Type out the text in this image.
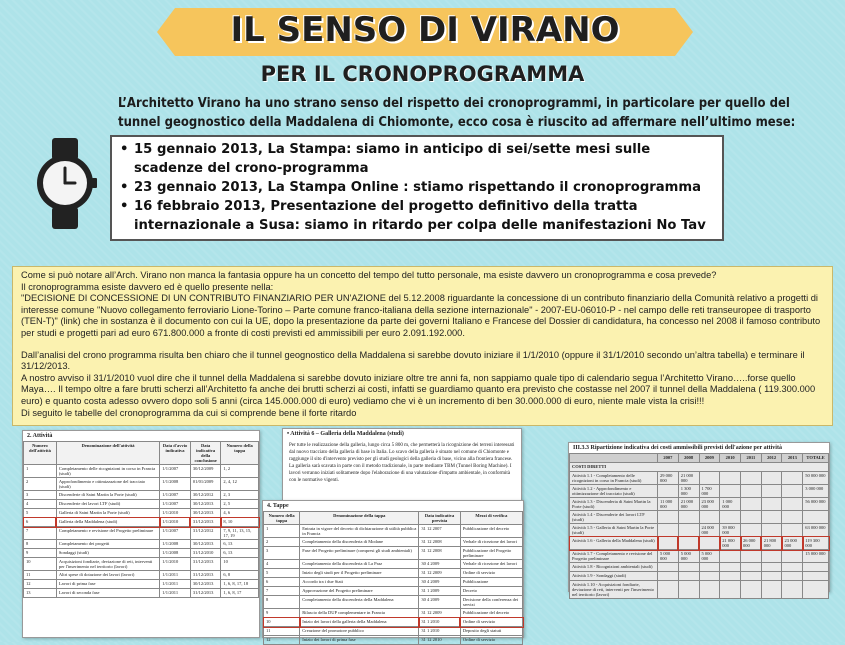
IL SENSO DI VIRANO
PER IL CRONOPROGRAMMA
L’Architetto Virano ha uno strano senso del rispetto dei cronoprogrammi, in particolare per quello del tunnel geognostico della Maddalena di Chiomonte, ecco cosa è riuscito ad affermare nell’ultimo mese:
• 15 gennaio 2013, La Stampa: siamo in anticipo di sei/sette mesi sulle scadenze del crono-programma
• 23 gennaio 2013, La Stampa Online : stiamo rispettando il cronoprogramma
• 16 febbraio 2013, Presentazione del progetto definitivo della tratta internazionale a Susa: siamo in ritardo per colpa delle manifestazioni No Tav

Come si può notare all’Arch. Virano non manca la fantasia oppure ha un concetto del tempo del tutto personale, ma esiste davvero un cronoprogramma e cosa prevede?

Il cronoprogramma esiste davvero ed è quello presente nella:

"DECISIONE DI CONCESSIONE DI UN CONTRIBUTO FINANZIARIO PER UN'AZIONE del 5.12.2008 riguardante la concessione di un contributo finanziario della Comunità relativo a progetti di interesse comune "Nuovo collegamento ferroviario Lione-Torino – Parte comune franco-italiana della sezione internazionale" - 2007-EU-06010-P - nel campo delle reti transeuropee di trasporto (TEN-T)" (link) che in sostanza è il documento con cui la UE, dopo la presentazione da parte dei governi Italiano e Francese del Dossier di candidatura, ha concesso nel 2008 il famoso contributo per studi e progetti pari ad euro 671.800.000 a fronte di costi previsti ed ammissibili per euro 2.091.192.000.

Dall’analisi del crono programma risulta ben chiaro che il tunnel geognostico della Maddalena si sarebbe dovuto iniziare il 1/1/2010 (oppure il 31/1/2010 secondo un’altra tabella) e terminare il 31/12/2013.

A nostro avviso il 31/1/2010 vuol dire che il tunnel della Maddalena si sarebbe dovuto iniziare oltre tre anni fa, non sappiamo quale tipo di calendario segua l’Architetto Virano…..forse quello Maya…. Il tempo oltre a fare brutti scherzi all’Architetto fa anche dei brutti scherzi ai costi, infatti se guardiamo quanto era previsto che costasse nel 2007 il tunnel della Maddalena ( 119.300.000 euro) e quanto costa adesso ovvero dopo soli 5 anni (circa 145.000.000 di euro) vediamo che vi è un incremento di ben 30.000.000 di euro, niente male vista la crisi!!!

Di seguito le tabelle del cronoprogramma da cui si comprende bene il forte ritardo

2. Attività
Numero dell'attività	Denominazione dell'attività	Data d'avvio indicativa	Data indicativa della conclusione	Numero della tappa
1	Completamento delle ricognizioni in corso in Francia (studi)	1/1/2007	30/12/2009	1, 2
2	Approfondimento e ottimizzazione del tracciato (studi)	1/1/2008	01/01/2009	2, 4, 12
3	Discenderie di Saint Martin la Porte (studi)	1/1/2007	30/12/2012	2, 3
4	Discenderie dei lavori LTF (studi)	1/1/2007	30/12/2013	2, 5
5	Galleria di Saint Martin la Porte (studi)	1/1/2010	30/12/2013	4, 6
6	Galleria della Maddalena (studi)	1/1/2010	31/12/2013	8, 10
7	Completamento e revisione del Progetto preliminare	1/1/2007	31/12/2012	7, 9, 11, 13, 15, 17, 19
8	Completamento dei progetti	1/1/2008	30/12/2013	6, 13
9	Sondaggi (studi)	1/1/2008	31/12/2010	6, 13
10	Acquisizioni fondiarie, deviazione di reti, interventi per l'inserimento nel territorio (lavori)	1/1/2010	31/12/2013	10
11	Altri spese di dotazione dei lavori (lavori)	1/1/2011	31/12/2013	6, 8
12	Lavori di prima fase	1/1/2011	30/12/2013	1, 6, 8, 17, 18
13	Lavori di seconda fase	1/1/2011	31/12/2013	1, 6, 8, 17
• Attività 6 – Galleria della Maddalena (studi)
Per tutte le realizzazione della galleria, lungo circa 5 800 m, che permetterà la ricognizione dei terreni interessati dal nuovo tracciato della galleria di base in Italia. Lo scavo della galleria è situato nel comune di Chiomonte e raggiunge il sito d'intervento previsto per gli studi geologici della galleria di base, vicino alla frontiera francese. La galleria sarà scavata in parte con il metodo tradizionale, in parte mediante TBM (Tunnel Boring Machine). I lavori verranno iniziati solitamente dopo l'elaborazione di una valutazione d'impatto ambientale, in conformità con le normative vigenti.
4. Tappe
Numero della tappa	Denominazione della tappa	Data indicativa prevista	Mezzi di verifica
1	Entrata in vigore del decreto di dichiarazione di utilità pubblica in Francia	31 12 2007	Pubblicazione del decreto
2	Completamento della discenderia di Modane	31 12 2008	Verbale di ricezione dei lavori
3	Fase del Progetto preliminare (compresi gli studi ambientali)	31 12 2008	Pubblicazione del Progetto preliminare
4	Completamento della discenderia di La Praz	30 4 2009	Verbale di ricezione dei lavori
5	Inizio degli studi per il Progetto preliminare	31 12 2009	Ordine di servizio
6	Accordo tra i due Stati	30 4 2009	Pubblicazione
7	Approvazione del Progetto preliminare	31 1 2009	Decreto
8	Completamento della discenderia della Maddalena	30 4 2009	Decisione della conferenza dei servizi
9	Rilascio della DUP complementare in Francia	31 12 2009	Pubblicazione del decreto
10	Inizio dei lavori della galleria della Maddalena	31 1 2010	Ordine di servizio
11	Creazione del promotore pubblico	31 1 2010	Deposito degli statuti
12	Inizio dei lavori di prima fase	31 12 2010	Ordine di servizio
III.3.3 Ripartizione indicativa dei costi ammissibili previsti dell'azione per attività
	2007	2008	2009	2010	2011	2012	2013	TOTALE
COSTI DIRETTI								
Attività 1.1 - Completamento delle ricognizioni in corso in Francia (studi)	29 000 000	21 000 000						50 000 000
Attività 1.2 - Approfondimento e ottimizzazione del tracciato (studi)		1 300 000	1 700 000					3 000 000
Attività 1.3 - Discenderia di Saint Martin la Porte (studi)	11 000 000	21 000 000	23 000 000	1 000 000				56 000 000
Attività 1.4 - Discenderie dei lavori LTF (studi)								
Attività 1.5 - Galleria di Saint Martin la Porte (studi)			24 000 000	39 000 000				63 000 000
Attività 1.6 - Galleria della Maddalena (studi)				21 000 000	26 000 000	21 800 000	23 000 000	119 300 000
Attività 1.7 - Completamento e revisione del Progetto preliminare	5 000 000	5 000 000	5 000 000					15 000 000
Attività 1.8 - Ricognizioni ambientali (studi)								
Attività 1.9 - Sondaggi (studi)								
Attività 1.10 - Acquisizioni fondiarie, deviazione di reti, interventi per l'inserimento nel territorio (lavori)								
